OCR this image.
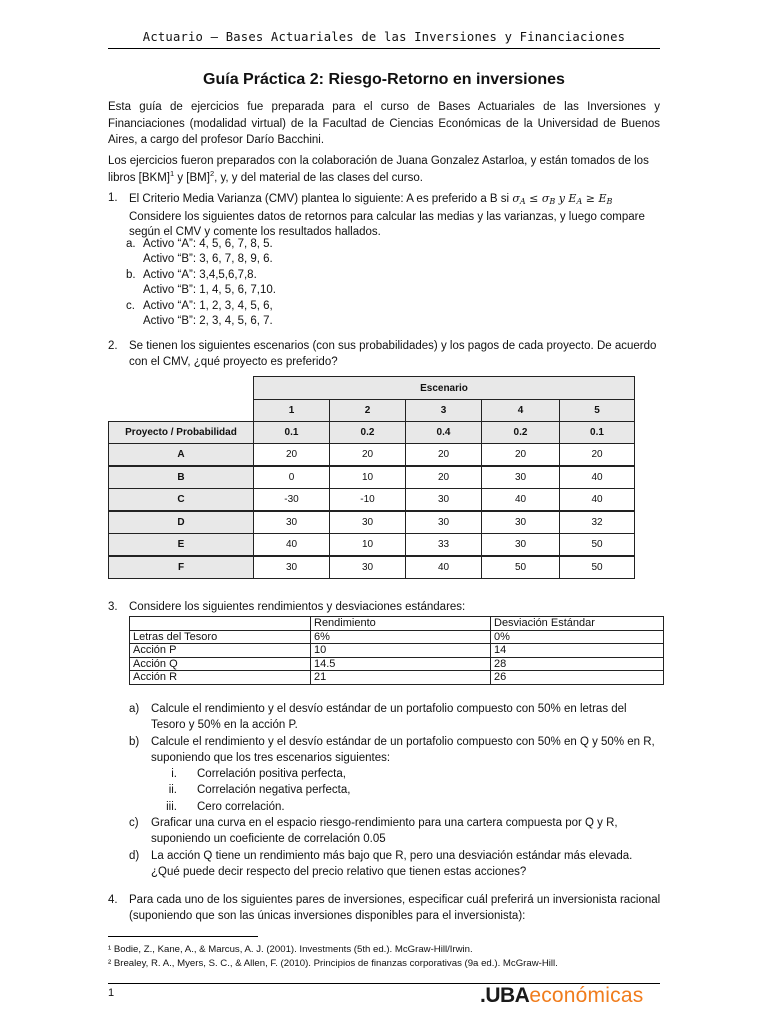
Actuario – Bases Actuariales de las Inversiones y Financiaciones
Guía Práctica 2: Riesgo-Retorno en inversiones
Esta guía de ejercicios fue preparada para el curso de Bases Actuariales de las Inversiones y Financiaciones (modalidad virtual) de la Facultad de Ciencias Económicas de la Universidad de Buenos Aires, a cargo del profesor Darío Bacchini.
Los ejercicios fueron preparados con la colaboración de Juana Gonzalez Astarloa, y están tomados de los libros [BKM]$^1$ y [BM]$^2$, y, y del material de las clases del curso.
1. El Criterio Media Varianza (CMV) plantea lo siguiente: A es preferido a B si $\sigma_A \le \sigma_B$ y $E_A \ge E_B$
Considere los siguientes datos de retornos para calcular las medias y las varianzas, y luego compare según el CMV y comente los resultados hallados.
a. Activo “A”: 4, 5, 6, 7, 8, 5.
Activo “B”: 3, 6, 7, 8, 9, 6.
b. Activo “A”: 3,4,5,6,7,8.
Activo “B”: 1, 4, 5, 6, 7,10.
c. Activo “A”: 1, 2, 3, 4, 5, 6,
Activo “B”: 2, 3, 4, 5, 6, 7.
2. Se tienen los siguientes escenarios (con sus probabilidades) y los pagos de cada proyecto. De acuerdo con el CMV, ¿qué proyecto es preferido?
Escenario
1	2	3	4	5
Proyecto / Probabilidad	0.1	0.2	0.4	0.2	0.1
A	20	20	20	20	20
B	0	10	20	30	40
C	-30	-10	30	40	40
D	30	30	30	30	32
E	40	10	33	30	50
F	30	30	40	50	50
3. Considere los siguientes rendimientos y desviaciones estándares:
	Rendimiento	Desviación Estándar
Letras del Tesoro	6%	0%
Acción P	10	14
Acción Q	14.5	28
Acción R	21	26
a) Calcule el rendimiento y el desvío estándar de un portafolio compuesto con 50% en letras del Tesoro y 50% en la acción P.
b) Calcule el rendimiento y el desvío estándar de un portafolio compuesto con 50% en Q y 50% en R, suponiendo que los tres escenarios siguientes:
i. Correlación positiva perfecta,
ii. Correlación negativa perfecta,
iii. Cero correlación.
c) Graficar una curva en el espacio riesgo-rendimiento para una cartera compuesta por Q y R, suponiendo un coeficiente de correlación 0.05
d) La acción Q tiene un rendimiento más bajo que R, pero una desviación estándar más elevada. ¿Qué puede decir respecto del precio relativo que tienen estas acciones?
4. Para cada uno de los siguientes pares de inversiones, especificar cuál preferirá un inversionista racional (suponiendo que son las únicas inversiones disponibles para el inversionista):
¹ Bodie, Z., Kane, A., & Marcus, A. J. (2001). Investments (5th ed.). McGraw-Hill/Irwin.
² Brealey, R. A., Myers, S. C., & Allen, F. (2010). Principios de finanzas corporativas (9a ed.). McGraw-Hill.
1	.UBAeconómicas
